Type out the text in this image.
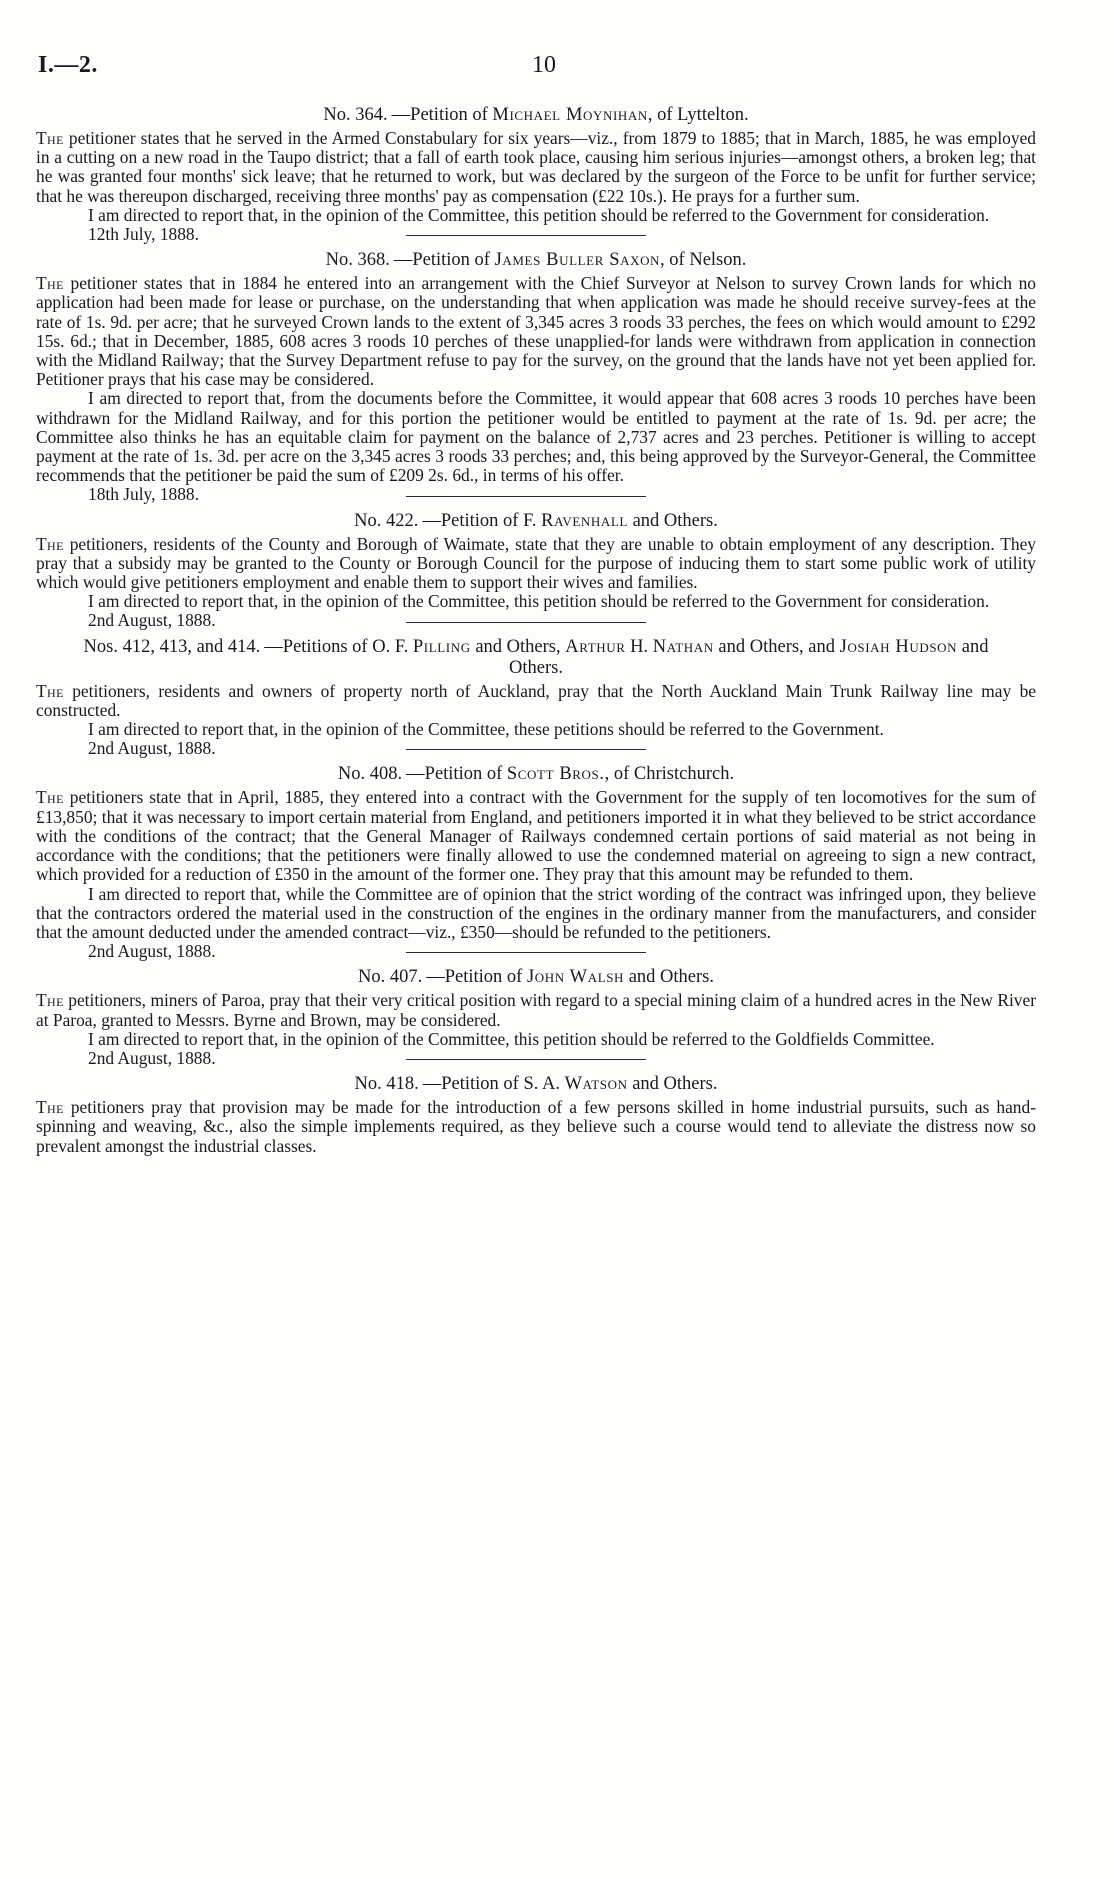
I.—2.	10
No. 364. —Petition of Michael Moynihan, of Lyttelton.

The petitioner states that he served in the Armed Constabulary for six years—viz., from 1879 to 1885; that in March, 1885, he was employed in a cutting on a new road in the Taupo district; that a fall of earth took place, causing him serious injuries—amongst others, a broken leg; that he was granted four months' sick leave; that he returned to work, but was declared by the surgeon of the Force to be unfit for further service; that he was thereupon discharged, receiving three months' pay as compensation (£22 10s.). He prays for a further sum.

I am directed to report that, in the opinion of the Committee, this petition should be referred to the Government for consideration.

12th July, 1888.

No. 368. —Petition of James Buller Saxon, of Nelson.

The petitioner states that in 1884 he entered into an arrangement with the Chief Surveyor at Nelson to survey Crown lands for which no application had been made for lease or purchase, on the understanding that when application was made he should receive survey-fees at the rate of 1s. 9d. per acre; that he surveyed Crown lands to the extent of 3,345 acres 3 roods 33 perches, the fees on which would amount to £292 15s. 6d.; that in December, 1885, 608 acres 3 roods 10 perches of these unapplied-for lands were withdrawn from application in connection with the Midland Railway; that the Survey Department refuse to pay for the survey, on the ground that the lands have not yet been applied for. Petitioner prays that his case may be considered.

I am directed to report that, from the documents before the Committee, it would appear that 608 acres 3 roods 10 perches have been withdrawn for the Midland Railway, and for this portion the petitioner would be entitled to payment at the rate of 1s. 9d. per acre; the Committee also thinks he has an equitable claim for payment on the balance of 2,737 acres and 23 perches. Petitioner is willing to accept payment at the rate of 1s. 3d. per acre on the 3,345 acres 3 roods 33 perches; and, this being approved by the Surveyor-General, the Committee recommends that the petitioner be paid the sum of £209 2s. 6d., in terms of his offer.

18th July, 1888.

No. 422. —Petition of F. Ravenhall and Others.

The petitioners, residents of the County and Borough of Waimate, state that they are unable to obtain employment of any description. They pray that a subsidy may be granted to the County or Borough Council for the purpose of inducing them to start some public work of utility which would give petitioners employment and enable them to support their wives and families.

I am directed to report that, in the opinion of the Committee, this petition should be referred to the Government for consideration.

2nd August, 1888.

Nos. 412, 413, and 414. —Petitions of O. F. Pilling and Others, Arthur H. Nathan and Others, and Josiah Hudson and Others.

The petitioners, residents and owners of property north of Auckland, pray that the North Auckland Main Trunk Railway line may be constructed.

I am directed to report that, in the opinion of the Committee, these petitions should be referred to the Government.

2nd August, 1888.

No. 408. —Petition of Scott Bros., of Christchurch.

The petitioners state that in April, 1885, they entered into a contract with the Government for the supply of ten locomotives for the sum of £13,850; that it was necessary to import certain material from England, and petitioners imported it in what they believed to be strict accordance with the conditions of the contract; that the General Manager of Railways condemned certain portions of said material as not being in accordance with the conditions; that the petitioners were finally allowed to use the condemned material on agreeing to sign a new contract, which provided for a reduction of £350 in the amount of the former one. They pray that this amount may be refunded to them.

I am directed to report that, while the Committee are of opinion that the strict wording of the contract was infringed upon, they believe that the contractors ordered the material used in the construction of the engines in the ordinary manner from the manufacturers, and consider that the amount deducted under the amended contract—viz., £350—should be refunded to the petitioners.

2nd August, 1888.

No. 407. —Petition of John Walsh and Others.

The petitioners, miners of Paroa, pray that their very critical position with regard to a special mining claim of a hundred acres in the New River at Paroa, granted to Messrs. Byrne and Brown, may be considered.

I am directed to report that, in the opinion of the Committee, this petition should be referred to the Goldfields Committee.

2nd August, 1888.

No. 418. —Petition of S. A. Watson and Others.

The petitioners pray that provision may be made for the introduction of a few persons skilled in home industrial pursuits, such as hand-spinning and weaving, &c., also the simple implements required, as they believe such a course would tend to alleviate the distress now so prevalent amongst the industrial classes.
